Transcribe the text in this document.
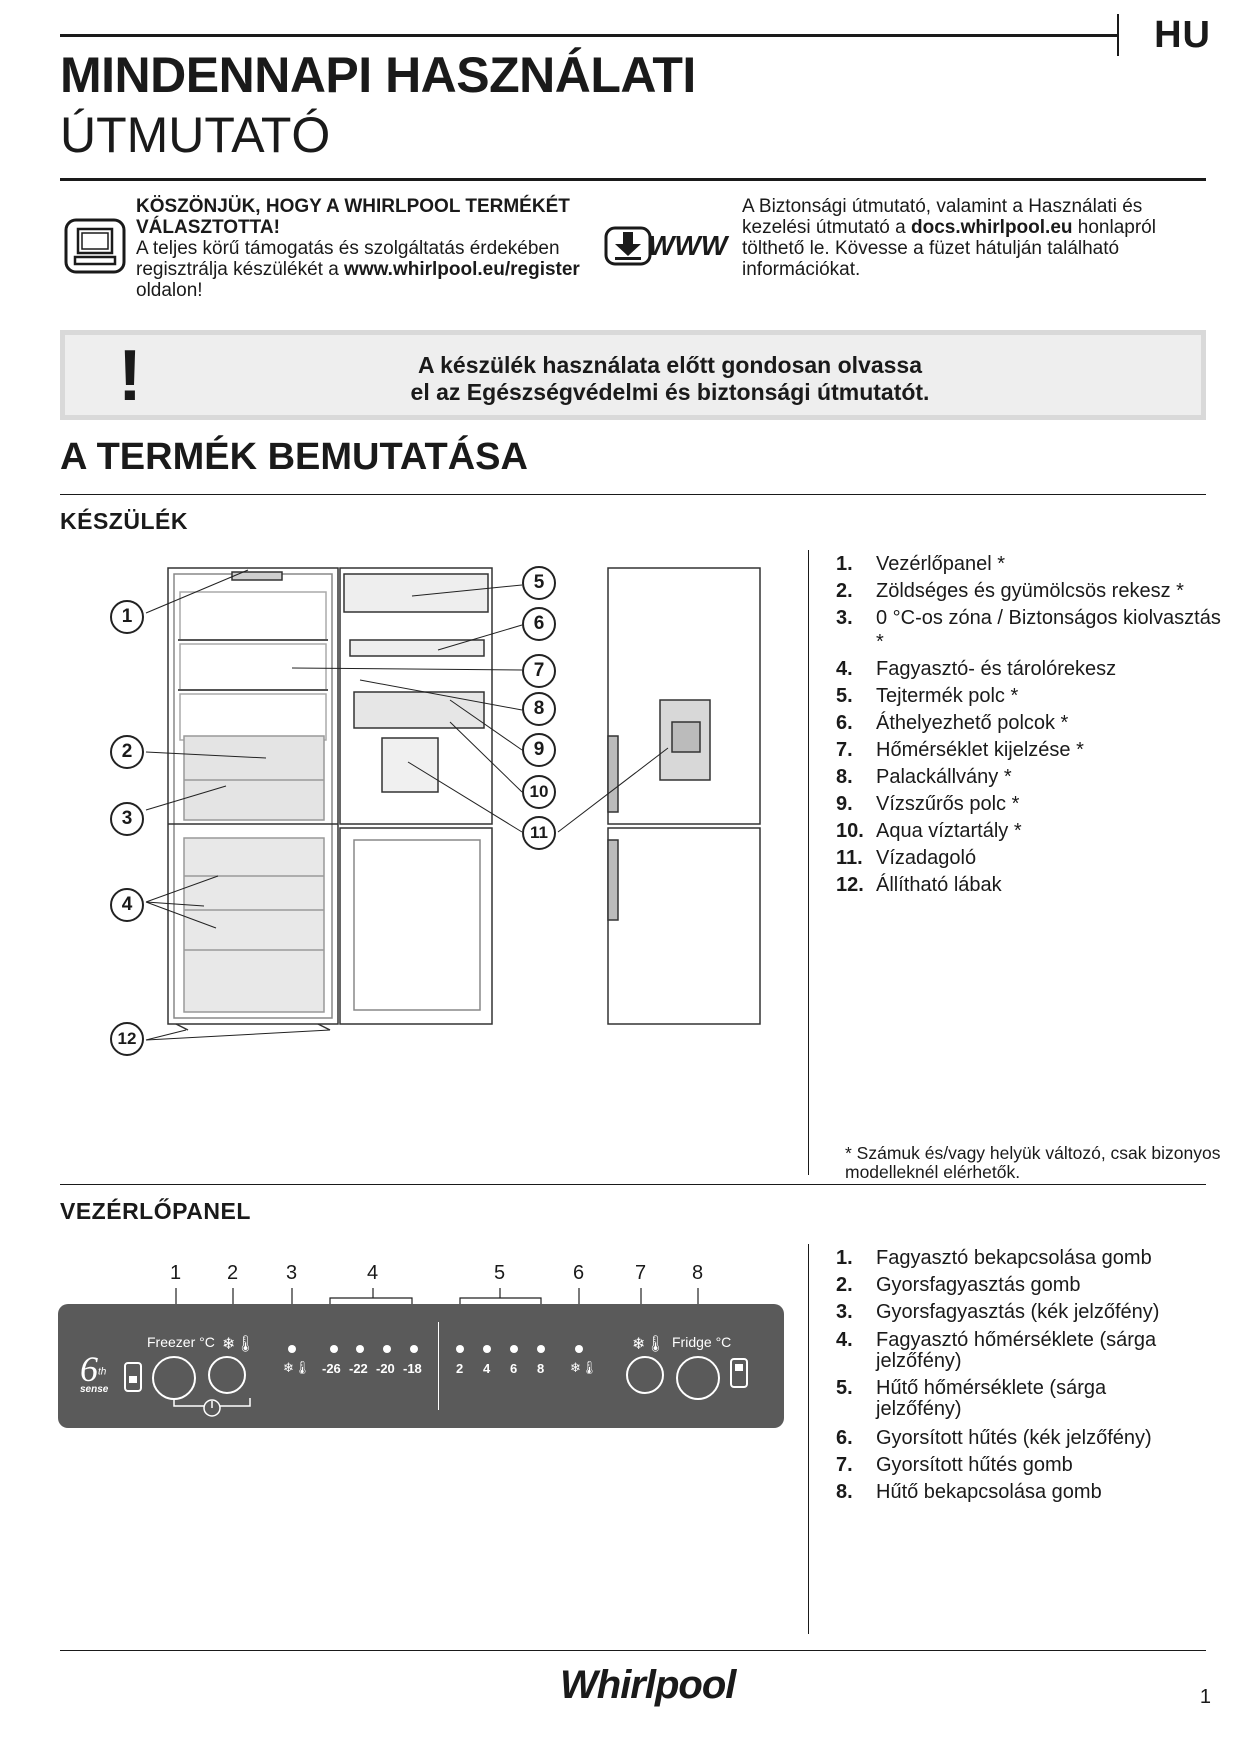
HU
MINDENNAPI HASZNÁLATI
ÚTMUTATÓ
KÖSZÖNJÜK, HOGY A WHIRLPOOL TERMÉKÉT VÁLASZTOTTA!
A teljes körű támogatás és szolgáltatás érdekében regisztrálja készülékét a www.whirlpool.eu/register oldalon!
WWW
A Biztonsági útmutató, valamint a Használati és kezelési útmutató a docs.whirlpool.eu honlapról tölthető le. Kövesse a füzet hátulján található információkat.
!	A készülék használata előtt gondosan olvassa
el az Egészségvédelmi és biztonsági útmutatót.
A TERMÉK BEMUTATÁSA
KÉSZÜLÉK
1
2
3
4
5
6
7
8
9
10
11
12
1.	Vezérlőpanel *
2.	Zöldséges és gyümölcsös rekesz *
3.	0 °C-os zóna / Biztonságos kiolvasztás *
4.	Fagyasztó- és tárolórekesz
5.	Tejtermék polc *
6.	Áthelyezhető polcok *
7.	Hőmérséklet kijelzése *
8.	Palackállvány *
9.	Vízszűrős polc *
10. Aqua víztartály *
11. Vízadagoló
12. Állítható lábak
* Számuk és/vagy helyük változó, csak bizonyos modelleknél elérhetők.
VEZÉRLŐPANEL
1 2 3	4	5	6	7 8
6th
sense
Freezer °C ❄🌡
❄🌡 -26 -22 -20 -18	2 4 6 8 ❄🌡
❄🌡 Fridge °C
1.	Fagyasztó bekapcsolása gomb
2.	Gyorsfagyasztás gomb
3.	Gyorsfagyasztás (kék jelzőfény)
4.	Fagyasztó hőmérséklete (sárga jelzőfény)
5.	Hűtő hőmérséklete (sárga jelzőfény)
6.	Gyorsított hűtés (kék jelzőfény)
7.	Gyorsított hűtés gomb
8.	Hűtő bekapcsolása gomb
Whirlpool	1
